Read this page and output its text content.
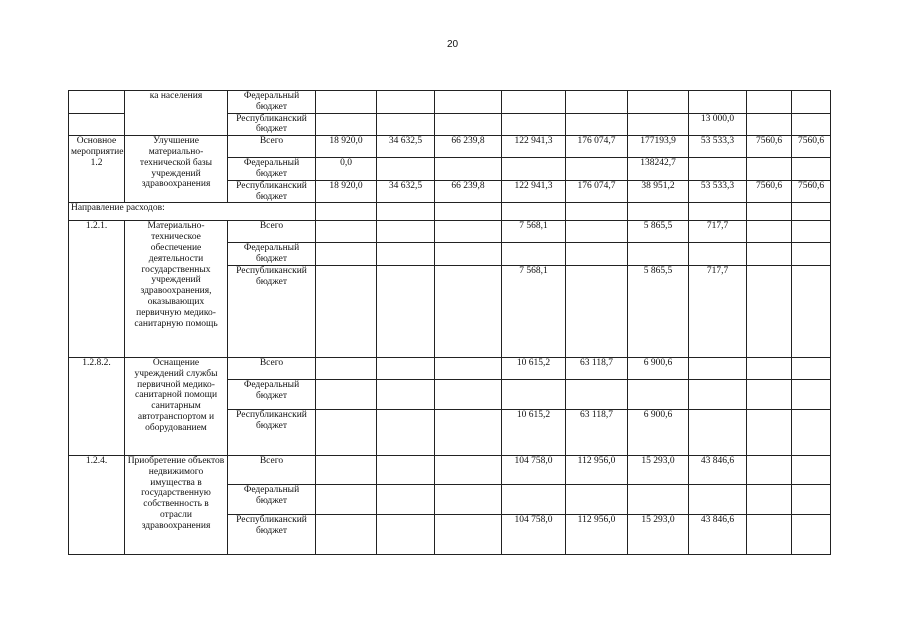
20
	ка населения	Федеральный бюджет									
		Республиканский бюджет							13 000,0		
Основное мероприятие 1.2	Улучшение материально-технической базы учреждений здравоохранения	Всего	18 920,0	34 632,5	66 239,8	122 941,3	176 074,7	177193,9	53 533,3	7560,6	7560,6
		Федеральный бюджет	0,0					138242,7			
		Республиканский бюджет	18 920,0	34 632,5	66 239,8	122 941,3	176 074,7	38 951,2	53 533,3	7560,6	7560,6
Направление расходов:											
1.2.1.	Материально-техническое обеспечение деятельности государственных учреждений здравоохранения, оказывающих первичную медико-санитарную помощь	Всего				7 568,1		5 865,5	717,7		
		Федеральный бюджет									
		Республиканский бюджет				7 568,1		5 865,5	717,7		
1.2.8.2.	Оснащение учреждений службы первичной медико-санитарной помощи санитарным автотранспортом и оборудованием	Всего				10 615,2	63 118,7	6 900,6			
		Федеральный бюджет									
		Республиканский бюджет				10 615,2	63 118,7	6 900,6			
1.2.4.	Приобретение объектов недвижимого имущества в государственную собственность в отрасли здравоохранения	Всего				104 758,0	112 956,0	15 293,0	43 846,6		
		Федеральный бюджет									
		Республиканский бюджет				104 758,0	112 956,0	15 293,0	43 846,6		
